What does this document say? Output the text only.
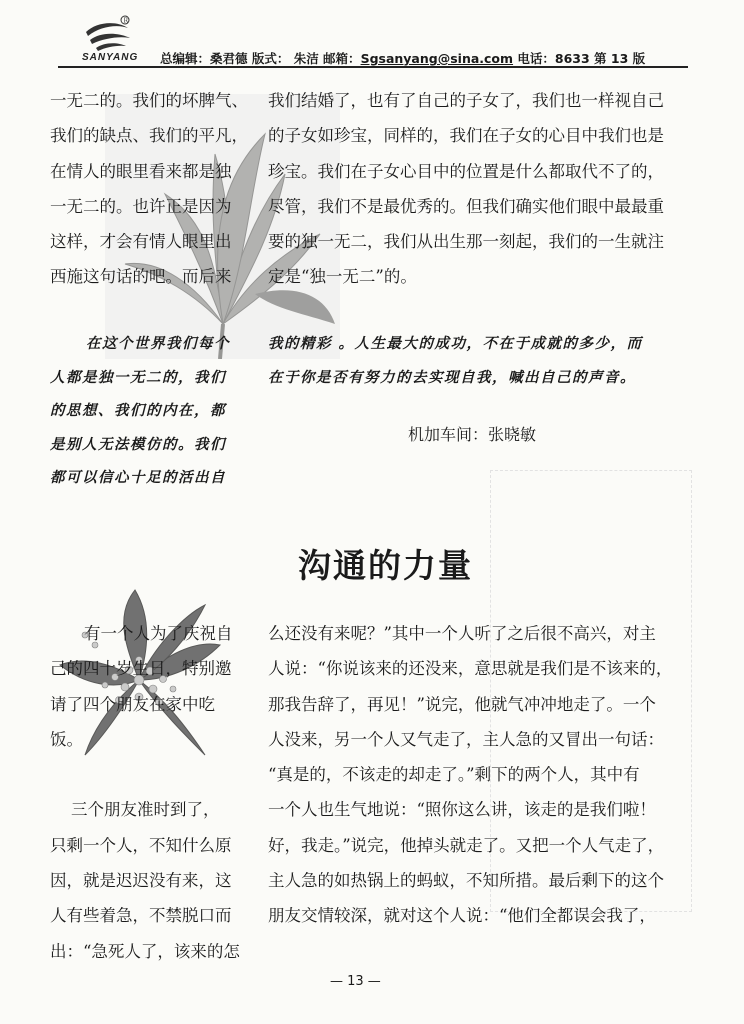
R
SANYANG 总编辑：桑君德 版式： 朱洁 邮箱：Sgsanyang@sina.com 电话：8633 第 13 版
一无二的。我们的坏脾气、
我们的缺点、我们的平凡，
在情人的眼里看来都是独
一无二的。也许正是因为
这样，才会有情人眼里出
西施这句话的吧。而后来
我们结婚了，也有了自己的子女了，我们也一样视自己
的子女如珍宝，同样的，我们在子女的心目中我们也是
珍宝。我们在子女心目中的位置是什么都取代不了的，
尽管，我们不是最优秀的。但我们确实他们眼中最最重
要的独一无二，我们从出生那一刻起，我们的一生就注
定是“独一无二”的。
在这个世界我们每个
人都是独一无二的，我们
的思想、我们的内在，都
是别人无法模仿的。我们
都可以信心十足的活出自
我的精彩 。人生最大的成功，不在于成就的多少，而
在于你是否有努力的去实现自我，喊出自己的声音。
机加车间：张晓敏
沟通的力量
有一个人为了庆祝自
己的四十岁生日，特别邀
请了四个朋友在家中吃
饭。
三个朋友准时到了，
只剩一个人，不知什么原
因，就是迟迟没有来，这
人有些着急，不禁脱口而
出：“急死人了，该来的怎
么还没有来呢？”其中一个人听了之后很不高兴，对主
人说：“你说该来的还没来，意思就是我们是不该来的，
那我告辞了，再见！”说完，他就气冲冲地走了。一个
人没来，另一个人又气走了，主人急的又冒出一句话：
“真是的，不该走的却走了。”剩下的两个人，其中有
一个人也生气地说：“照你这么讲，该走的是我们啦！
好，我走。”说完，他掉头就走了。又把一个人气走了，
主人急的如热锅上的蚂蚁，不知所措。最后剩下的这个
朋友交情较深，就对这个人说：“他们全都误会我了，
— 13 —
